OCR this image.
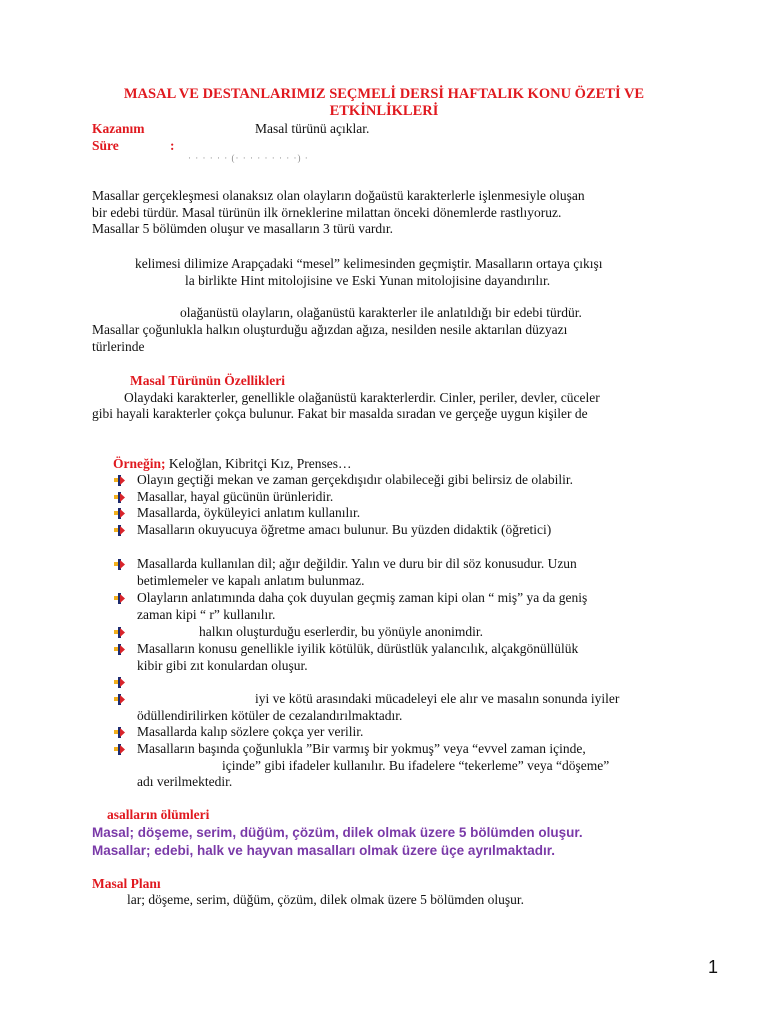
MASAL VE DESTANLARIMIZ SEÇMELİ DERSİ HAFTALIK KONU ÖZETİ VE
ETKİNLİKLERİ
Kazanım	Masal türünü açıklar.
Süre	:
· · · · · · (· · · · · · · · ·) ·
Masallar gerçekleşmesi olanaksız olan olayların doğaüstü karakterlerle işlenmesiyle oluşan
bir edebi türdür. Masal türünün ilk örneklerine milattan önceki dönemlerde rastlıyoruz.
Masallar 5 bölümden oluşur ve masalların 3 türü vardır.
kelimesi dilimize Arapçadaki “mesel” kelimesinden geçmiştir. Masalların ortaya çıkışı
la birlikte Hint mitolojisine ve Eski Yunan mitolojisine dayandırılır.
olağanüstü olayların, olağanüstü karakterler ile anlatıldığı bir edebi türdür.
Masallar çoğunlukla halkın oluşturduğu ağızdan ağıza, nesilden nesile aktarılan düzyazı
türlerinde
Masal Türünün Özellikleri
Olaydaki karakterler, genellikle olağanüstü karakterlerdir. Cinler, periler, devler, cüceler
gibi hayali karakterler çokça bulunur. Fakat bir masalda sıradan ve gerçeğe uygun kişiler de
Örneğin; Keloğlan, Kibritçi Kız, Prenses…
Olayın geçtiği mekan ve zaman gerçekdışıdır olabileceği gibi belirsiz de olabilir.
Masallar, hayal gücünün ürünleridir.
Masallarda, öyküleyici anlatım kullanılır.
Masalların okuyucuya öğretme amacı bulunur. Bu yüzden didaktik (öğretici)
Masallarda kullanılan dil; ağır değildir. Yalın ve duru bir dil söz konusudur. Uzun
betimlemeler ve kapalı anlatım bulunmaz.
Olayların anlatımında daha çok duyulan geçmiş zaman kipi olan “ miş” ya da geniş
zaman kipi “ r” kullanılır.
halkın oluşturduğu eserlerdir, bu yönüyle anonimdir.
Masalların konusu genellikle iyilik kötülük, dürüstlük yalancılık, alçakgönüllülük
kibir gibi zıt konulardan oluşur.
iyi ve kötü arasındaki mücadeleyi ele alır ve masalın sonunda iyiler
ödüllendirilirken kötüler de cezalandırılmaktadır.
Masallarda kalıp sözlere çokça yer verilir.
Masalların başında çoğunlukla ”Bir varmış bir yokmuş” veya “evvel zaman içinde,
içinde” gibi ifadeler kullanılır. Bu ifadelere “tekerleme” veya “döşeme”
adı verilmektedir.
asalların ölümleri
Masal; döşeme, serim, düğüm, çözüm, dilek olmak üzere 5 bölümden oluşur.
Masallar; edebi, halk ve hayvan masalları olmak üzere üçe ayrılmaktadır.
Masal Planı
lar; döşeme, serim, düğüm, çözüm, dilek olmak üzere 5 bölümden oluşur.
1
